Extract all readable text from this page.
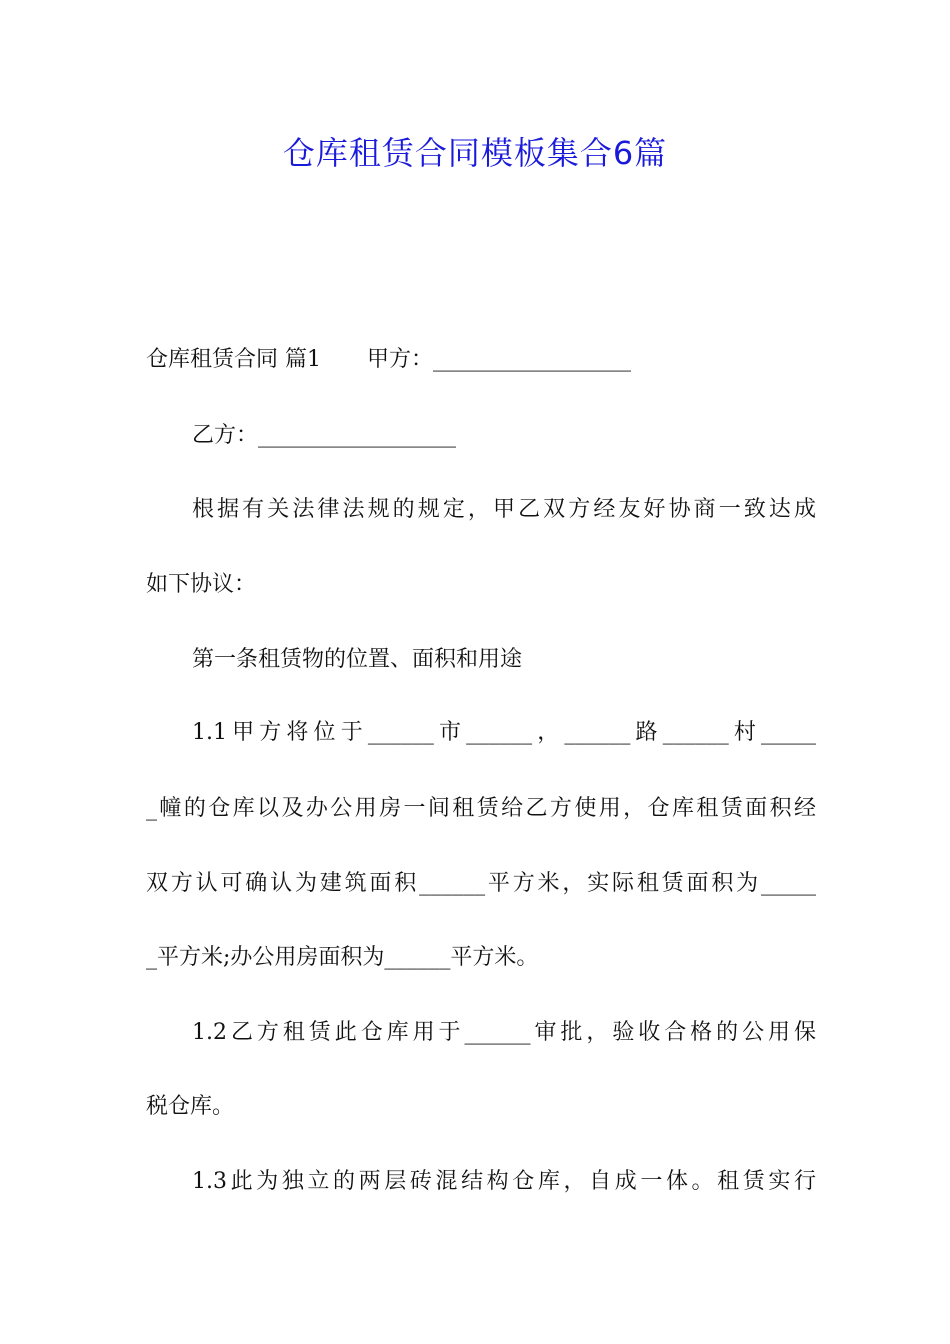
仓库租赁合同模板集合6篇

仓库租赁合同 篇1 甲方：__________________

乙方：__________________

根据有关法律法规的规定，甲乙双方经友好协商一致达成

如下协议：

第一条租赁物的位置、面积和用途

1.1甲方将位于______市______，______路______村_____

_幢的仓库以及办公用房一间租赁给乙方使用，仓库租赁面积经

双方认可确认为建筑面积______平方米，实际租赁面积为_____

_平方米;办公用房面积为______平方米。

1.2乙方租赁此仓库用于______审批，验收合格的公用保

税仓库。

1.3此为独立的两层砖混结构仓库，自成一体。租赁实行
